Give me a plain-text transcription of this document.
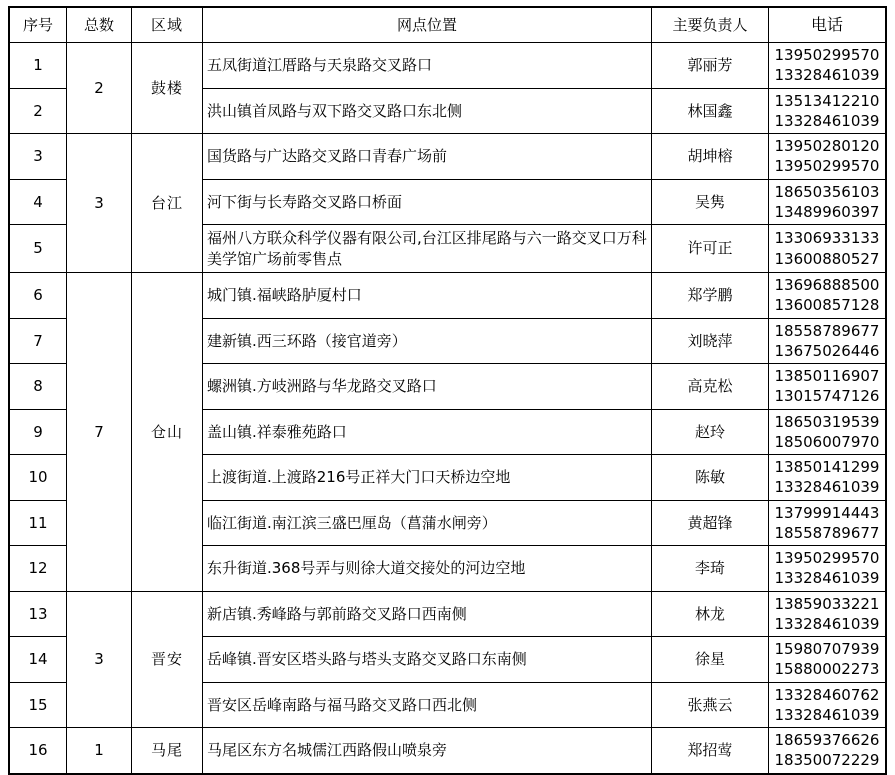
序号	总数	区域	网点位置	主要负责人	电话
1	2	鼓楼	五凤街道江厝路与天泉路交叉路口	郭丽芳	13950299570
13328461039

2			洪山镇首凤路与双下路交叉路口东北侧	林国鑫	13513412210
13328461039

3	3	台江	国货路与广达路交叉路口青春广场前	胡坤榕	13950280120
13950299570

4			河下街与长寿路交叉路口桥面	吴隽	18650356103
13489960397

5			福州八方联众科学仪器有限公司,台江区排尾路与六一路交叉口万科美学馆广场前零售点	许可正	13306933133
13600880527

6	7	仓山	城门镇.福峡路胪厦村口	郑学鹏	13696888500
13600857128

7			建新镇.西三环路（接官道旁）	刘晓萍	18558789677
13675026446

8			螺洲镇.方岐洲路与华龙路交叉路口	高克松	13850116907
13015747126

9			盖山镇.祥泰雅苑路口	赵玲	18650319539
18506007970

10			上渡街道.上渡路216号正祥大门口天桥边空地	陈敏	13850141299
13328461039

11			临江街道.南江滨三盛巴厘岛（菖蒲水闸旁）	黄超锋	13799914443
18558789677

12			东升街道.368号弄与则徐大道交接处的河边空地	李琦	13950299570
13328461039

13	3	晋安	新店镇.秀峰路与郭前路交叉路口西南侧	林龙	13859033221
13328461039

14			岳峰镇.晋安区塔头路与塔头支路交叉路口东南侧	徐星	15980707939
15880002273

15			晋安区岳峰南路与福马路交叉路口西北侧	张燕云	13328460762
13328461039

16	1	马尾	马尾区东方名城儒江西路假山喷泉旁	郑招莺	18659376626
18350072229
